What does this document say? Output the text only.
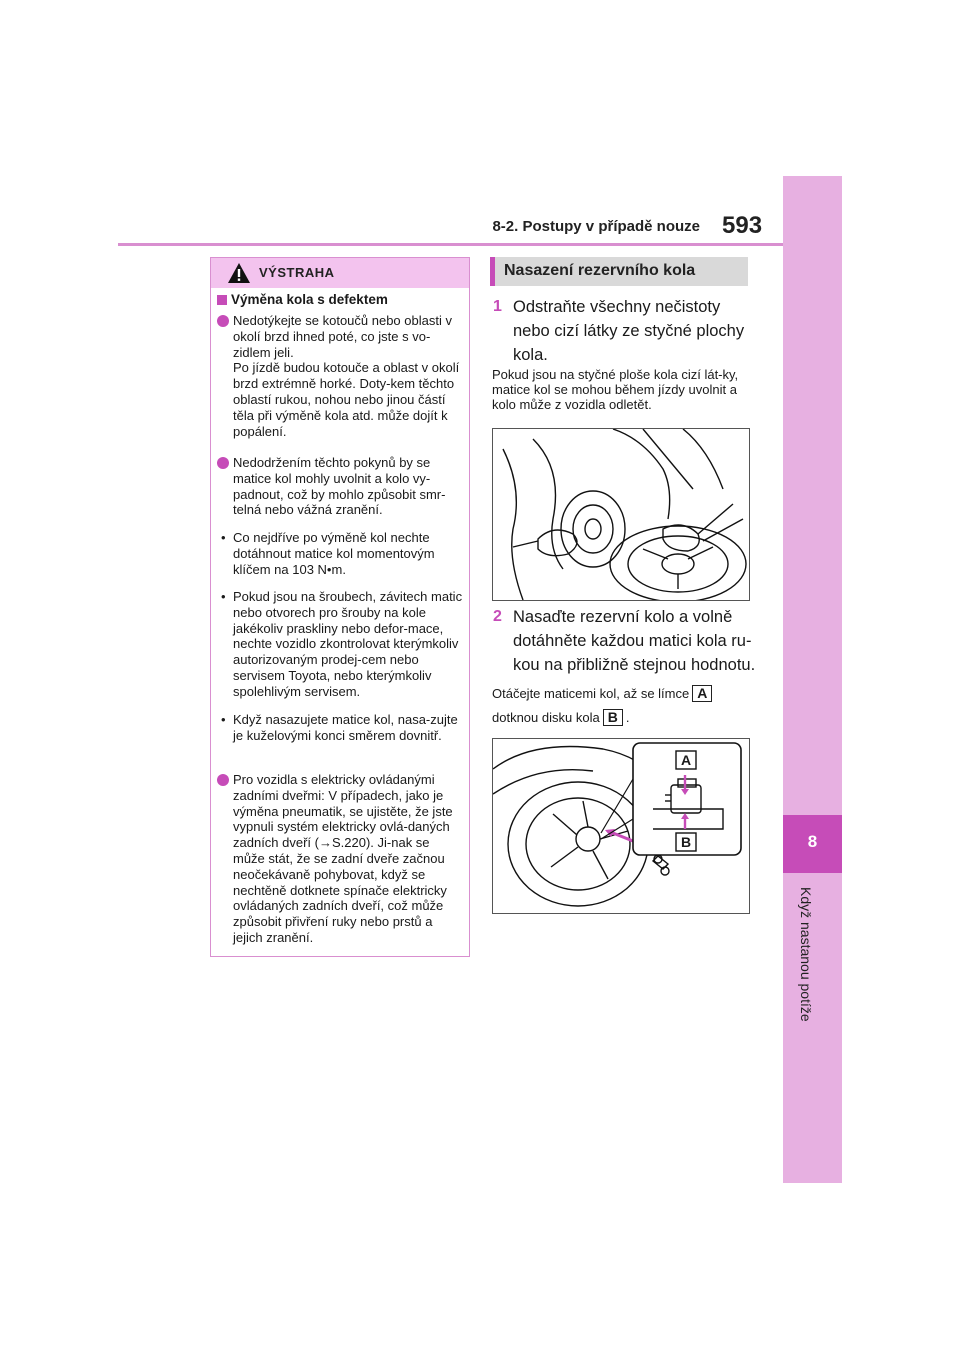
8-2. Postupy v případě nouze 593
8
Když nastanou potíže
VÝSTRAHA
Výměna kola s defektem
Nedotýkejte se kotoučů nebo oblasti v okolí brzd ihned poté, co jste s vo-zidlem jeli.
Po jízdě budou kotouče a oblast v okolí brzd extrémně horké. Doty-kem těchto oblastí rukou, nohou nebo jinou částí těla při výměně kola atd. může dojít k popálení.
Nedodržením těchto pokynů by se matice kol mohly uvolnit a kolo vy-padnout, což by mohlo způsobit smr-telná nebo vážná zranění.
• Co nejdříve po výměně kol nechte dotáhnout matice kol momentovým klíčem na 103 N•m.
• Pokud jsou na šroubech, závitech matic nebo otvorech pro šrouby na kole jakékoliv praskliny nebo defor-mace, nechte vozidlo zkontrolovat kterýmkoliv autorizovaným prodej-cem nebo servisem Toyota, nebo kterýmkoliv spolehlivým servisem.
• Když nasazujete matice kol, nasa-zujte je kuželovými konci směrem dovnitř.
Pro vozidla s elektricky ovládanými zadními dveřmi: V případech, jako je výměna pneumatik, se ujistěte, že jste vypnuli systém elektricky ovlá-daných zadních dveří (→S.220). Ji-nak se může stát, že se zadní dveře začnou neočekávaně pohybovat, když se nechtěně dotknete spínače elektricky ovládaných zadních dveří, což může způsobit přivření ruky nebo prstů a jejich zranění.
Nasazení rezervního kola
1 Odstraňte všechny nečistoty nebo cizí látky ze styčné plochy kola.
Pokud jsou na styčné ploše kola cizí lát-ky, matice kol se mohou během jízdy uvolnit a kolo může z vozidla odletět.
2 Nasaďte rezervní kolo a volně dotáhněte každou matici kola ru-kou na přibližně stejnou hodnotu.
Otáčejte maticemi kol, až se límce A
dotknou disku kola B .
A
B
